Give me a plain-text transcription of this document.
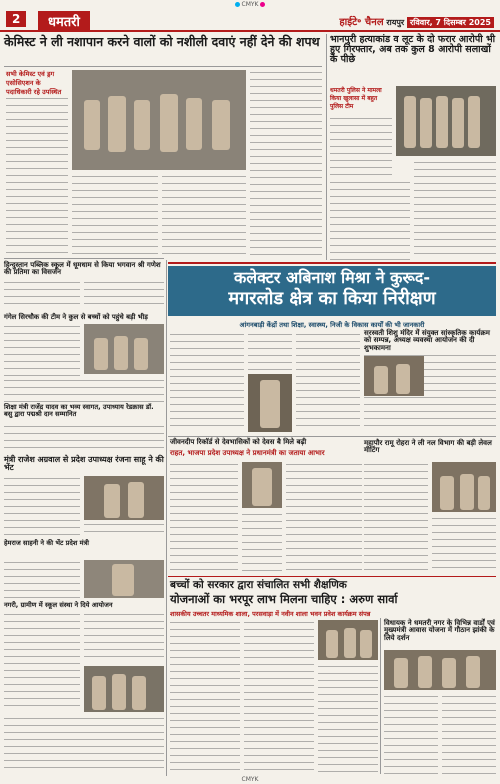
CMYK
2	धमतरी	हाईटे॰ चैनल रायपुर रविवार, 7 दिसम्बर 2025
केमिस्ट ने ली नशापान करने वालों को नशीली दवाएं नहीं देने की शपथ
सभी केमिस्ट एवं ड्रग एसोसिएशन के पदाधिकारी रहे उपस्थित
भानपुरी हत्याकांड व लूट के दो फरार आरोपी भी हुए गिरफ्तार, अब तक कुल 8 आरोपी सलाखों के पीछे
धमतरी पुलिस ने मामला किया खुलासा में बहुत पुलिस टीम
हिन्दुस्तान पब्लिक स्कूल में धूमधाम से किया भगवान श्री गणेश की प्रतिमा का विसर्जन
गंगेल सिरचौक की टीम ने कुल से बच्चों को पहुंचे बड़ी भीड़
शिक्षा मंत्री राजेंद्र यादव का भव्य स्वागत, उपाध्याय रेडक्रास डॉ. बसु द्वारा पद्मश्री दान सम्मानित
मंत्री राजेश अग्रवाल से प्रदेश उपाध्यक्ष रंजना साहू ने की भेंट
हेमराज साहनी ने की भेंट प्रदेश मंत्री
नगरी, ग्रामीण में स्कूल संस्था ने दिये आयोजन
कलेक्टर अबिनाश मिश्रा ने कुरूद-
मगरलोड क्षेत्र का किया निरीक्षण
आंगनबाड़ी केंद्रों तथा शिक्षा, स्वास्थ्य, निजी के विकास कार्यों की भी जानकारी
सरस्वती शिशु मंदिर में संयुक्त सांस्कृतिक कार्यक्रम को सम्पन्न, अध्यक्ष व्यवस्था आयोजन की दी शुभकामना
जीवनदीप रिकॉर्ड से देवभासिकों को देवस बै मिले बढ़ी
राहत, भाजपा प्रदेश उपाध्यक्ष ने प्रधानमंत्री का जताया आभार
महापौर रामू रोहरा ने ली नल विभाग की बड़ी लेवल मीटिंग
बच्चों को सरकार द्वारा संचालित सभी शैक्षणिक
योजनाओं का भरपूर लाभ मिलना चाहिए : अरुण सार्वा
शासकीय उच्चतर माध्यमिक शाला, परसवाड़ा में नवीन शाला भवन प्रवेश कार्यक्रम संपन्न
विधायक ने धमतरी नगर के विभिन्न वार्डों एवं मुख्यमंत्री आवास योजना में गौठान झांकी के लिये दर्शन
CMYK
